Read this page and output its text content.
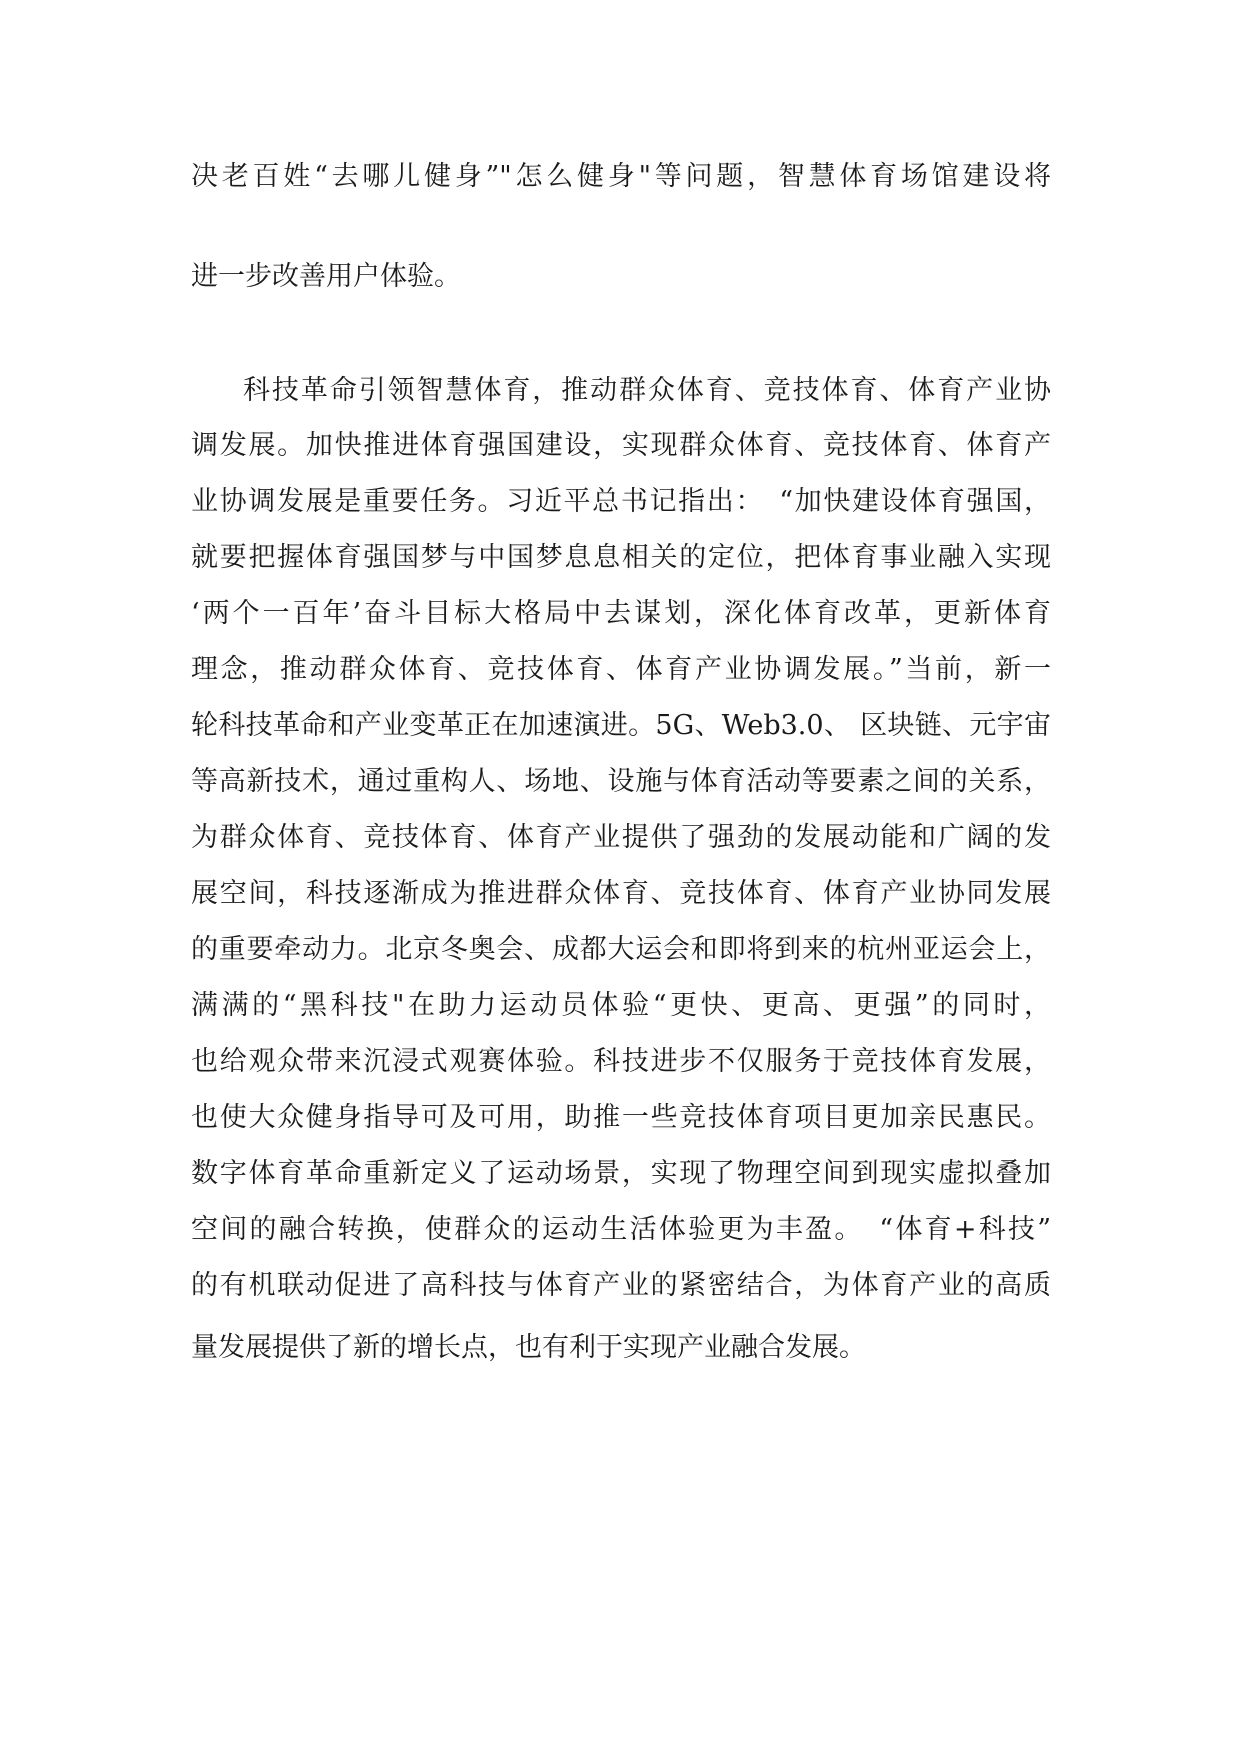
决老百姓“去哪儿健身”"怎么健身"等问题，智慧体育场馆建设将
进一步改善用户体验。
科技革命引领智慧体育，推动群众体育、竞技体育、体育产业协
调发展。加快推进体育强国建设，实现群众体育、竞技体育、体育产
业协调发展是重要任务。习近平总书记指出：　“加快建设体育强国，
就要把握体育强国梦与中国梦息息相关的定位，把体育事业融入实现
‘两个一百年’奋斗目标大格局中去谋划，深化体育改革，更新体育
理念，推动群众体育、竞技体育、体育产业协调发展。”当前，新一
轮科技革命和产业变革正在加速演进。5G、Web3.0、 区块链、元宇宙
等高新技术，通过重构人、场地、设施与体育活动等要素之间的关系，
为群众体育、竞技体育、体育产业提供了强劲的发展动能和广阔的发
展空间，科技逐渐成为推进群众体育、竞技体育、体育产业协同发展
的重要牵动力。北京冬奥会、成都大运会和即将到来的杭州亚运会上，
满满的“黑科技"在助力运动员体验“更快、更高、更强”的同时，
也给观众带来沉浸式观赛体验。科技进步不仅服务于竞技体育发展，
也使大众健身指导可及可用，助推一些竞技体育项目更加亲民惠民。
数字体育革命重新定义了运动场景，实现了物理空间到现实虚拟叠加
空间的融合转换，使群众的运动生活体验更为丰盈。　“体育+科技”
的有机联动促进了高科技与体育产业的紧密结合，为体育产业的高质
量发展提供了新的增长点，也有利于实现产业融合发展。
